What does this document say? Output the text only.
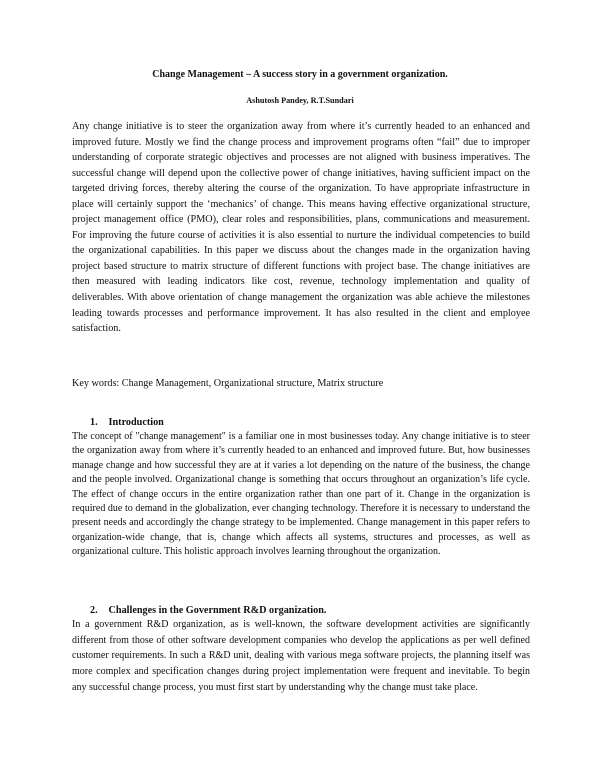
Change Management – A success story in a government organization.
Ashutosh Pandey, R.T.Sundari

Any change initiative is to steer the organization away from where it’s currently headed to an enhanced and improved future. Mostly we find the change process and improvement programs often “fail” due to improper understanding of corporate strategic objectives and processes are not aligned with business imperatives. The successful change will depend upon the collective power of change initiatives, having sufficient impact on the targeted driving forces, thereby altering the course of the organization. To have appropriate infrastructure in place will certainly support the ‘mechanics’ of change. This means having effective organizational structure, project management office (PMO), clear roles and responsibilities, plans, communications and measurement. For improving the future course of activities it is also essential to nurture the individual competencies to build the organizational capabilities. In this paper we discuss about the changes made in the organization having project based structure to matrix structure of different functions with project base. The change initiatives are then measured with leading indicators like cost, revenue, technology implementation and quality of deliverables. With above orientation of change management the organization was able achieve the milestones leading towards processes and performance improvement. It has also resulted in the client and employee satisfaction.

Key words: Change Management, Organizational structure, Matrix structure

1. Introduction

The concept of "change management" is a familiar one in most businesses today. Any change initiative is to steer the organization away from where it’s currently headed to an enhanced and improved future. But, how businesses manage change and how successful they are at it varies a lot depending on the nature of the business, the change and the people involved. Organizational change is something that occurs throughout an organization’s life cycle. The effect of change occurs in the entire organization rather than one part of it. Change in the organization is required due to demand in the globalization, ever changing technology. Therefore it is necessary to understand the present needs and accordingly the change strategy to be implemented. Change management in this paper refers to organization-wide change, that is, change which affects all systems, structures and processes, as well as organizational culture. This holistic approach involves learning throughout the organization.

2. Challenges in the Government R&D organization.

In a government R&D organization, as is well-known, the software development activities are significantly different from those of other software development companies who develop the applications as per well defined customer requirements. In such a R&D unit, dealing with various mega software projects, the planning itself was more complex and specification changes during project implementation were frequent and inevitable. To begin any successful change process, you must first start by understanding why the change must take place.
